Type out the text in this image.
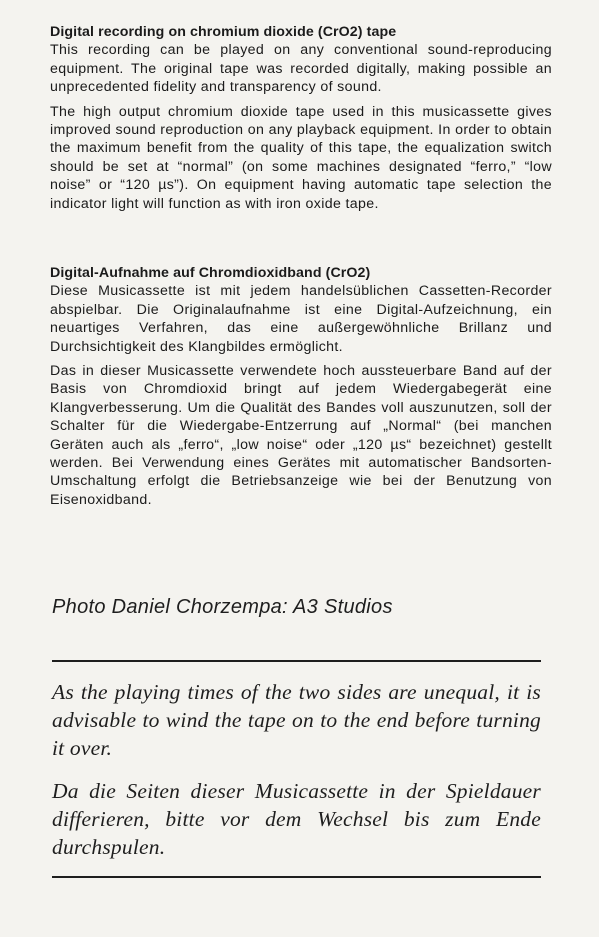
Digital recording on chromium dioxide (CrO2) tape

This recording can be played on any conventional sound-reproducing equipment. The original tape was recorded digitally, making possible an unprecedented fidelity and transparency of sound.

The high output chromium dioxide tape used in this musicassette gives improved sound reproduction on any playback equipment. In order to obtain the maximum benefit from the quality of this tape, the equalization switch should be set at “normal” (on some machines designated “ferro,” “low noise” or “120 µs”). On equipment having automatic tape selection the indicator light will function as with iron oxide tape.

Digital-Aufnahme auf Chromdioxidband (CrO2)

Diese Musicassette ist mit jedem handelsüblichen Cassetten-Recorder abspielbar. Die Originalaufnahme ist eine Digital-Aufzeichnung, ein neuartiges Verfahren, das eine außergewöhnliche Brillanz und Durchsichtigkeit des Klangbildes ermöglicht.

Das in dieser Musicassette verwendete hoch aussteuerbare Band auf der Basis von Chromdioxid bringt auf jedem Wiedergabegerät eine Klangverbesserung. Um die Qualität des Bandes voll auszunutzen, soll der Schalter für die Wiedergabe-Entzerrung auf „Normal“ (bei manchen Geräten auch als „ferro“, „low noise“ oder „120 µs“ bezeichnet) gestellt werden. Bei Verwendung eines Gerätes mit automatischer Bandsorten-Umschaltung erfolgt die Betriebsanzeige wie bei der Benutzung von Eisenoxidband.

Photo Daniel Chorzempa: A3 Studios

As the playing times of the two sides are unequal, it is advisable to wind the tape on to the end before turning it over.

Da die Seiten dieser Musicassette in der Spieldauer differieren, bitte vor dem Wechsel bis zum Ende durchspulen.
